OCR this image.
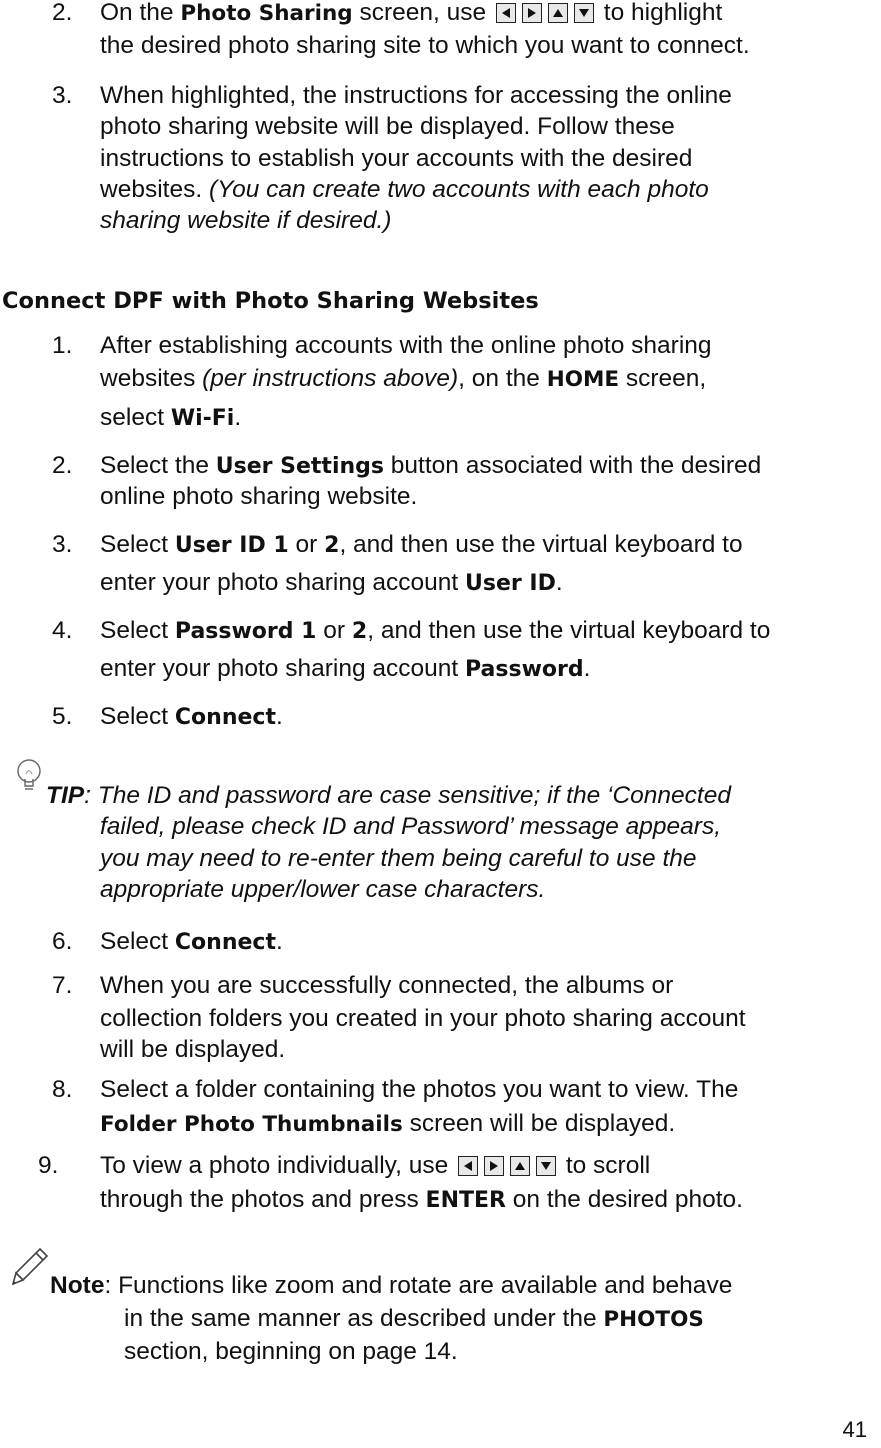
2. On the Photo Sharing screen, use	to highlight
the desired photo sharing site to which you want to connect.
3. When highlighted, the instructions for accessing the online
photo sharing website will be displayed. Follow these
instructions to establish your accounts with the desired
websites. (You can create two accounts with each photo
sharing website if desired.)
Connect DPF with Photo Sharing Websites
1. After establishing accounts with the online photo sharing
websites (per instructions above), on the HOME screen,
select Wi-Fi.
2. Select the User Settings button associated with the desired
online photo sharing website.
3. Select User ID 1 or 2, and then use the virtual keyboard to
enter your photo sharing account User ID.
4. Select Password 1 or 2, and then use the virtual keyboard to
enter your photo sharing account Password.
5. Select Connect.
TIP: The ID and password are case sensitive; if the ‘Connected
failed, please check ID and Password’ message appears,
you may need to re-enter them being careful to use the
appropriate upper/lower case characters.
6. Select Connect.
7. When you are successfully connected, the albums or
collection folders you created in your photo sharing account
will be displayed.
8. Select a folder containing the photos you want to view. The
Folder Photo Thumbnails screen will be displayed.
9. To view a photo individually, use	to scroll
through the photos and press ENTER on the desired photo.
Note: Functions like zoom and rotate are available and behave
in the same manner as described under the PHOTOS
section, beginning on page 14.
41
